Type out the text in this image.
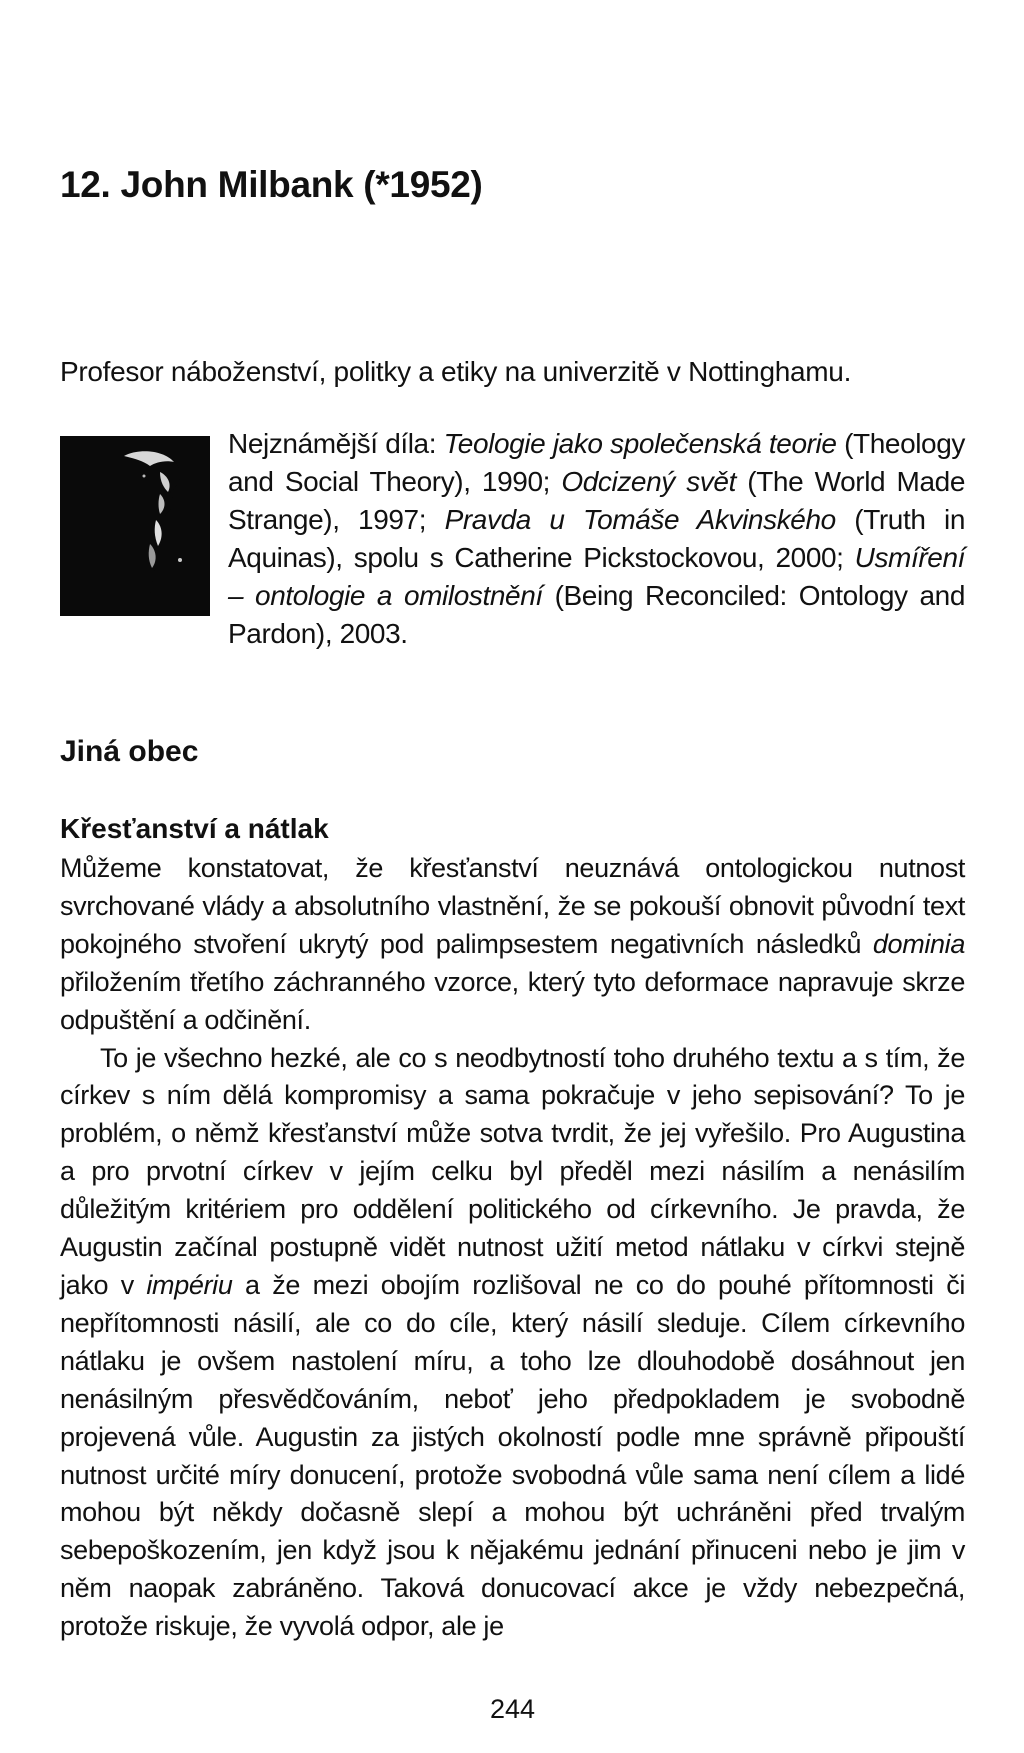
12. John Milbank (*1952)

Profesor náboženství, politky a etiky na univerzitě v Nottinghamu.

Nejznámější díla: Teologie jako společenská teorie (Theology and Social Theory), 1990; Odcizený svět (The World Made Strange), 1997; Pravda u Tomáše Akvinského (Truth in Aquinas), spolu s Catherine Pickstockovou, 2000; Usmíření – ontologie a omilostnění (Being Reconciled: Ontology and Pardon), 2003.

Jiná obec
Křesťanství a nátlak

Můžeme konstatovat, že křesťanství neuznává ontologickou nutnost svrchované vlády a absolutního vlastnění, že se pokouší obnovit původní text pokojného stvoření ukrytý pod palimpsestem negativních následků dominia přiložením třetího záchranného vzorce, který tyto deformace napravuje skrze odpuštění a odčinění.

To je všechno hezké, ale co s neodbytností toho druhého textu a s tím, že církev s ním dělá kompromisy a sama pokračuje v jeho sepisování? To je problém, o němž křesťanství může sotva tvrdit, že jej vyřešilo. Pro Augustina a pro prvotní církev v jejím celku byl předěl mezi násilím a nenásilím důležitým kritériem pro oddělení politického od církevního. Je pravda, že Augustin začínal postupně vidět nutnost užití metod nátlaku v církvi stejně jako v impériu a že mezi obojím rozlišoval ne co do pouhé přítomnosti či nepřítomnosti násilí, ale co do cíle, který násilí sleduje. Cílem církevního nátlaku je ovšem nastolení míru, a toho lze dlouhodobě dosáhnout jen nenásilným přesvědčováním, neboť jeho předpokladem je svobodně projevená vůle. Augustin za jistých okolností podle mne správně připouští nutnost určité míry donucení, protože svobodná vůle sama není cílem a lidé mohou být někdy dočasně slepí a mohou být uchráněni před trvalým sebepoškozením, jen když jsou k nějakému jednání přinuceni nebo je jim v něm naopak zabráněno. Taková donucovací akce je vždy nebezpečná, protože riskuje, že vyvolá odpor, ale je

244
